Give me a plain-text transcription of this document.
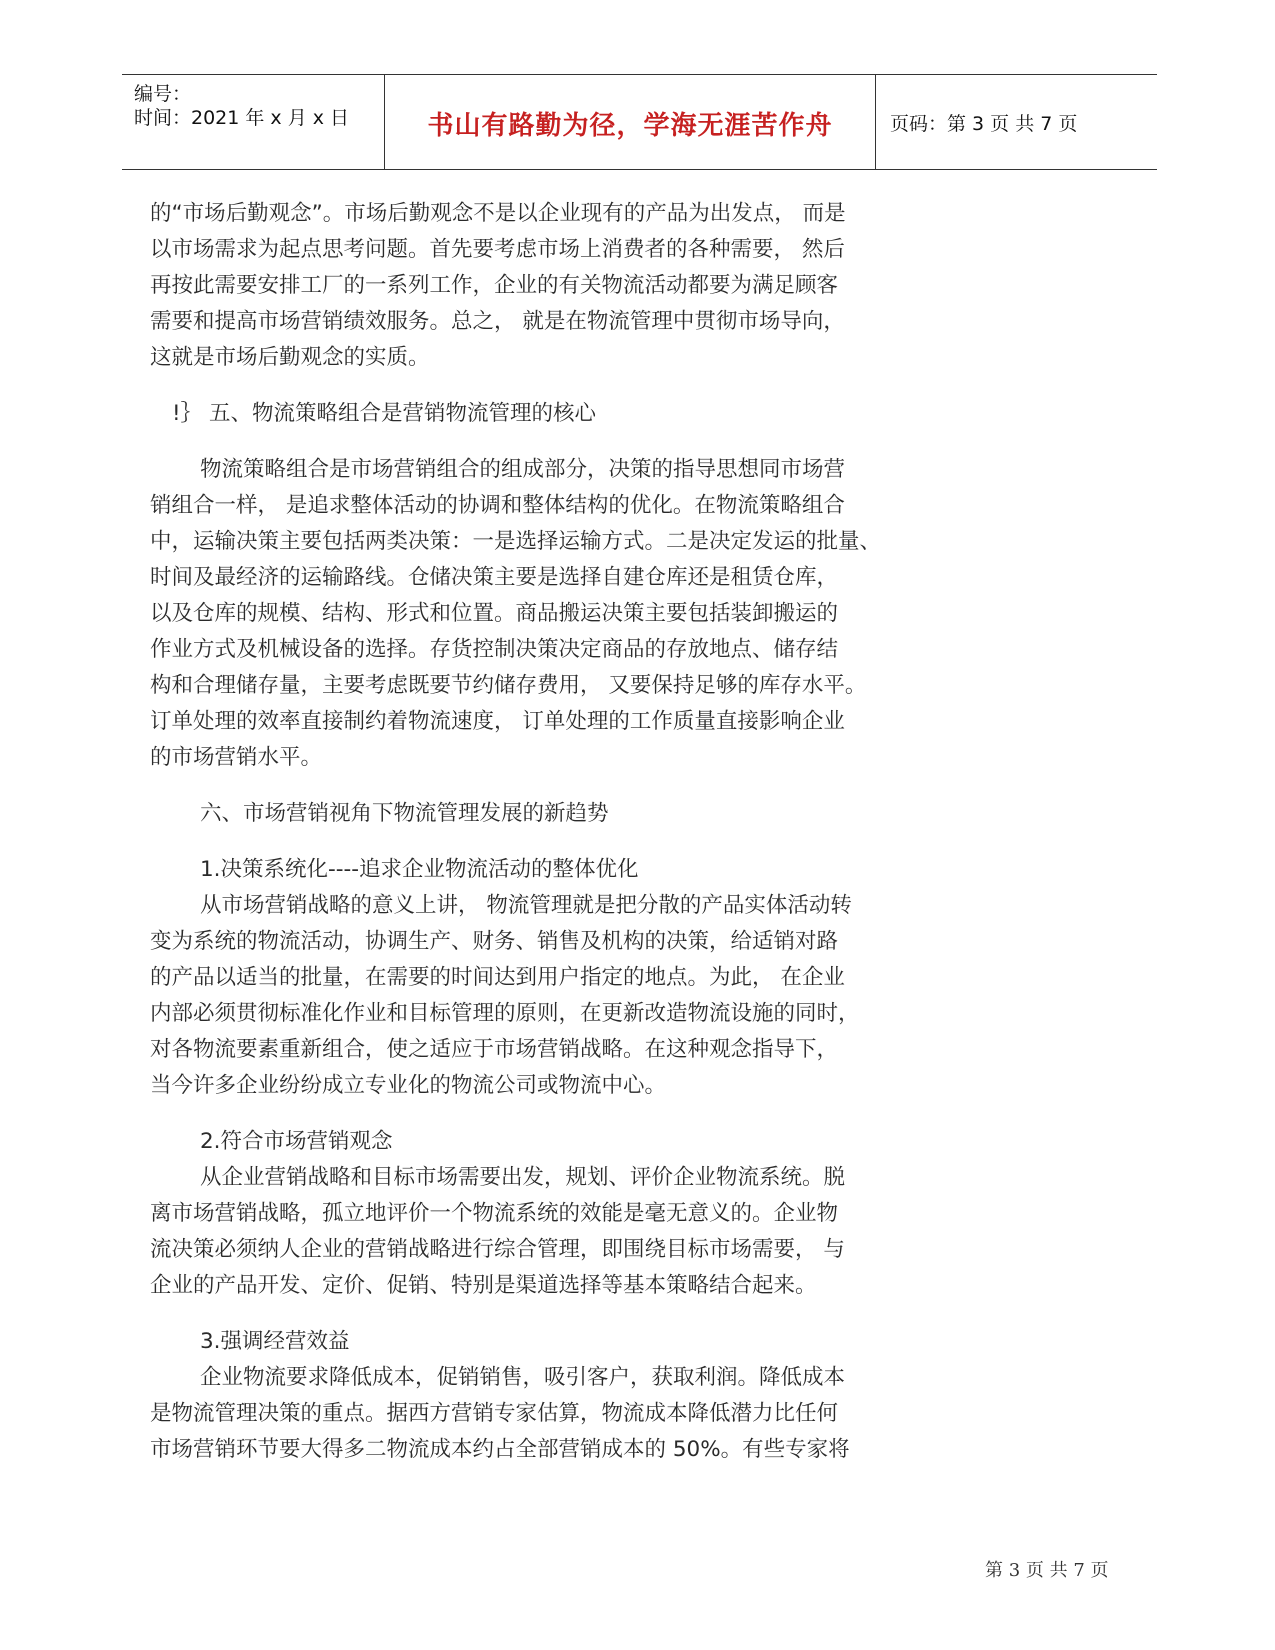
编号：
时间：2021 年 x 月 x 日	书山有路勤为径，学海无涯苦作舟	页码：第 3 页 共 7 页
的“市场后勤观念”。市场后勤观念不是以企业现有的产品为出发点， 而是
以市场需求为起点思考问题。首先要考虑市场上消费者的各种需要， 然后
再按此需要安排工厂的一系列工作，企业的有关物流活动都要为满足顾客
需要和提高市场营销绩效服务。总之， 就是在物流管理中贯彻市场导向，
这就是市场后勤观念的实质。
!｝ 五、物流策略组合是营销物流管理的核心
物流策略组合是市场营销组合的组成部分，决策的指导思想同市场营
销组合一样， 是追求整体活动的协调和整体结构的优化。在物流策略组合
中，运输决策主要包括两类决策：一是选择运输方式。二是决定发运的批量、
时间及最经济的运输路线。仓储决策主要是选择自建仓库还是租赁仓库，
以及仓库的规模、结构、形式和位置。商品搬运决策主要包括装卸搬运的
作业方式及机械设备的选择。存货控制决策决定商品的存放地点、储存结
构和合理储存量，主要考虑既要节约储存费用， 又要保持足够的库存水平。
订单处理的效率直接制约着物流速度， 订单处理的工作质量直接影响企业
的市场营销水平。
六、市场营销视角下物流管理发展的新趋势
1.决策系统化----追求企业物流活动的整体优化
从市场营销战略的意义上讲， 物流管理就是把分散的产品实体活动转
变为系统的物流活动，协调生产、财务、销售及机构的决策，给适销对路
的产品以适当的批量，在需要的时间达到用户指定的地点。为此， 在企业
内部必须贯彻标准化作业和目标管理的原则，在更新改造物流设施的同时，
对各物流要素重新组合，使之适应于市场营销战略。在这种观念指导下，
当今许多企业纷纷成立专业化的物流公司或物流中心。
2.符合市场营销观念
从企业营销战略和目标市场需要出发，规划、评价企业物流系统。脱
离市场营销战略，孤立地评价一个物流系统的效能是毫无意义的。企业物
流决策必须纳人企业的营销战略进行综合管理，即围绕目标市场需要， 与
企业的产品开发、定价、促销、特别是渠道选择等基本策略结合起来。
3.强调经营效益
企业物流要求降低成本，促销销售，吸引客户，获取利润。降低成本
是物流管理决策的重点。据西方营销专家估算，物流成本降低潜力比任何
市场营销环节要大得多二物流成本约占全部营销成本的 50%。有些专家将
第 3 页 共 7 页
